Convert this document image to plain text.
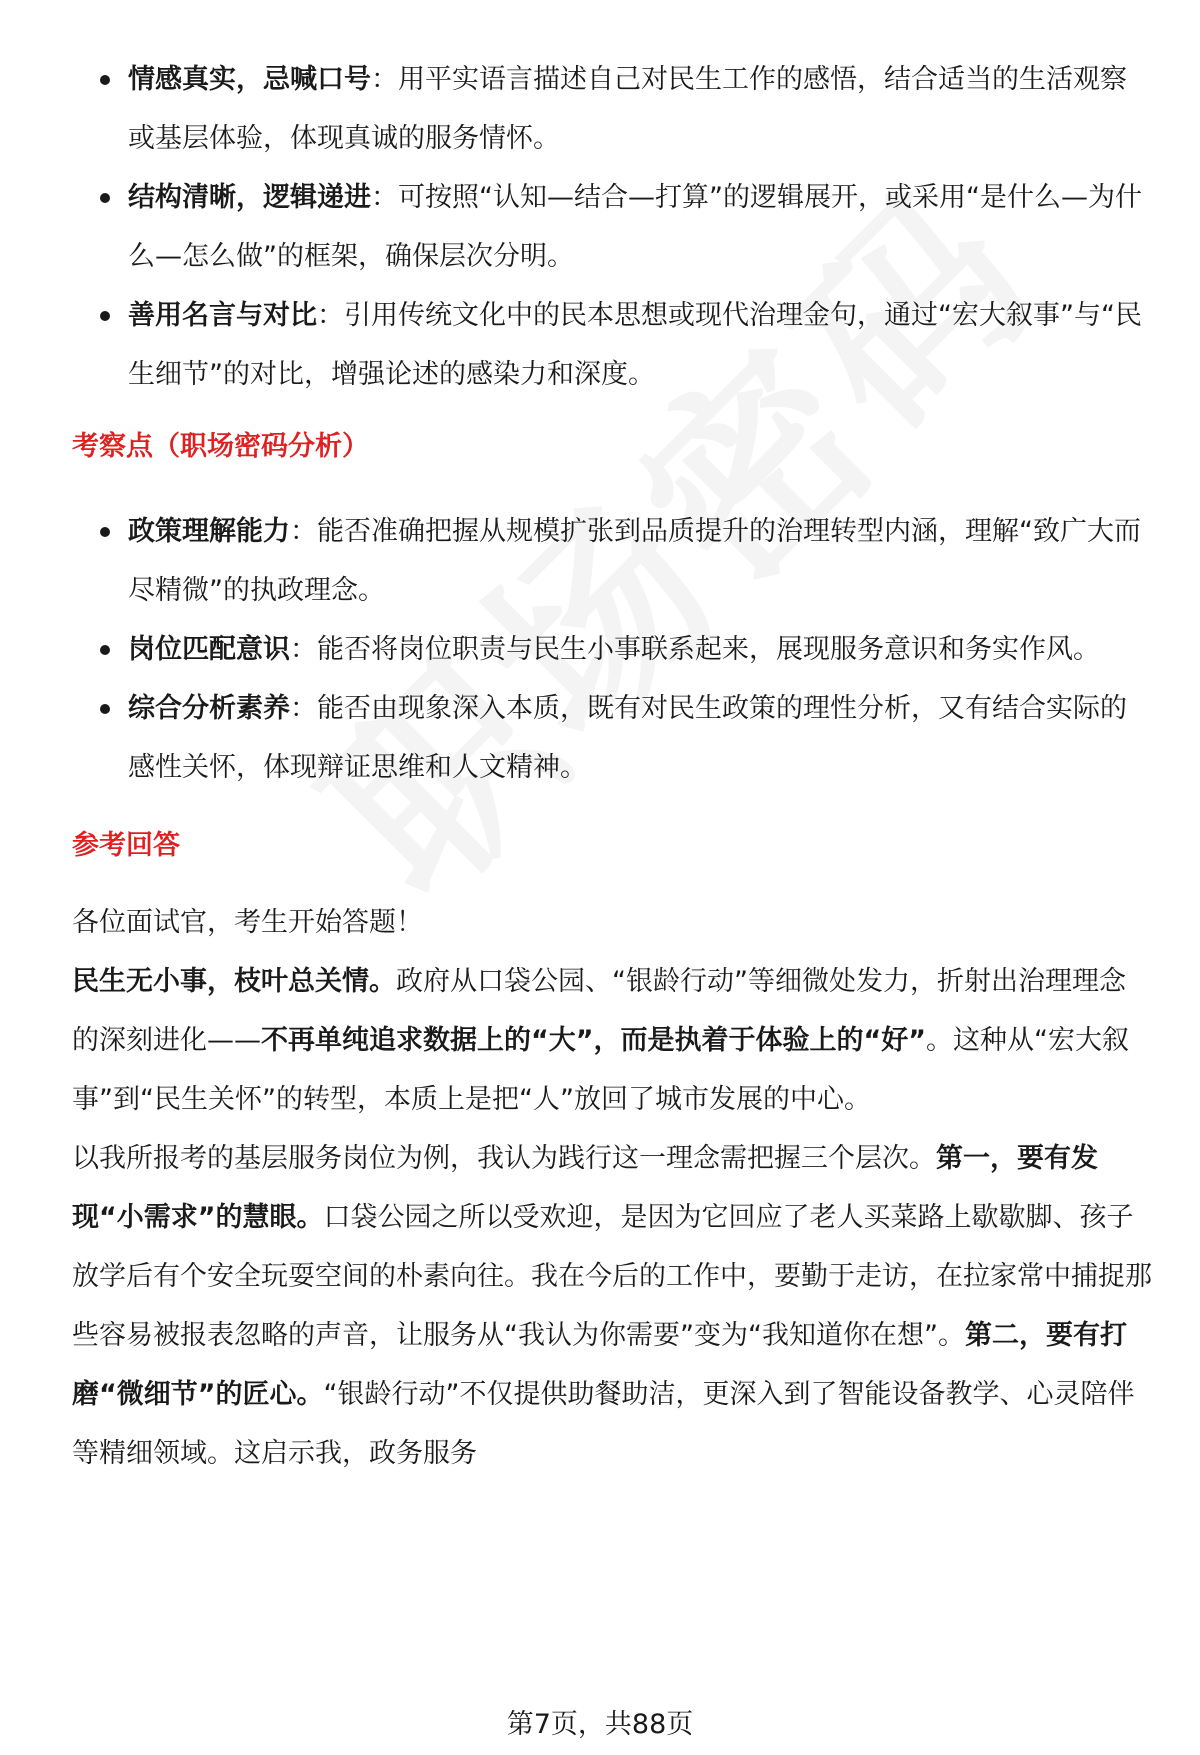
情感真实，忌喊口号：用平实语言描述自己对民生工作的感悟，结合适当的生活观察或基层体验，体现真诚的服务情怀。
结构清晰，逻辑递进：可按照“认知—结合—打算”的逻辑展开，或采用“是什么—为什么—怎么做”的框架，确保层次分明。
善用名言与对比：引用传统文化中的民本思想或现代治理金句，通过“宏大叙事”与“民生细节”的对比，增强论述的感染力和深度。
考察点（职场密码分析）
政策理解能力：能否准确把握从规模扩张到品质提升的治理转型内涵，理解“致广大而尽精微”的执政理念。
岗位匹配意识：能否将岗位职责与民生小事联系起来，展现服务意识和务实作风。
综合分析素养：能否由现象深入本质，既有对民生政策的理性分析，又有结合实际的感性关怀，体现辩证思维和人文精神。
参考回答

各位面试官，考生开始答题！

民生无小事，枝叶总关情。政府从口袋公园、“银龄行动”等细微处发力，折射出治理理念的深刻进化——不再单纯追求数据上的“大”，而是执着于体验上的“好”。这种从“宏大叙事”到“民生关怀”的转型，本质上是把“人”放回了城市发展的中心。

以我所报考的基层服务岗位为例，我认为践行这一理念需把握三个层次。第一，要有发现“小需求”的慧眼。口袋公园之所以受欢迎，是因为它回应了老人买菜路上歇歇脚、孩子放学后有个安全玩耍空间的朴素向往。我在今后的工作中，要勤于走访，在拉家常中捕捉那些容易被报表忽略的声音，让服务从“我认为你需要”变为“我知道你在想”。第二，要有打磨“微细节”的匠心。“银龄行动”不仅提供助餐助洁，更深入到了智能设备教学、心灵陪伴等精细领域。这启示我，政务服务

第7页，共88页
